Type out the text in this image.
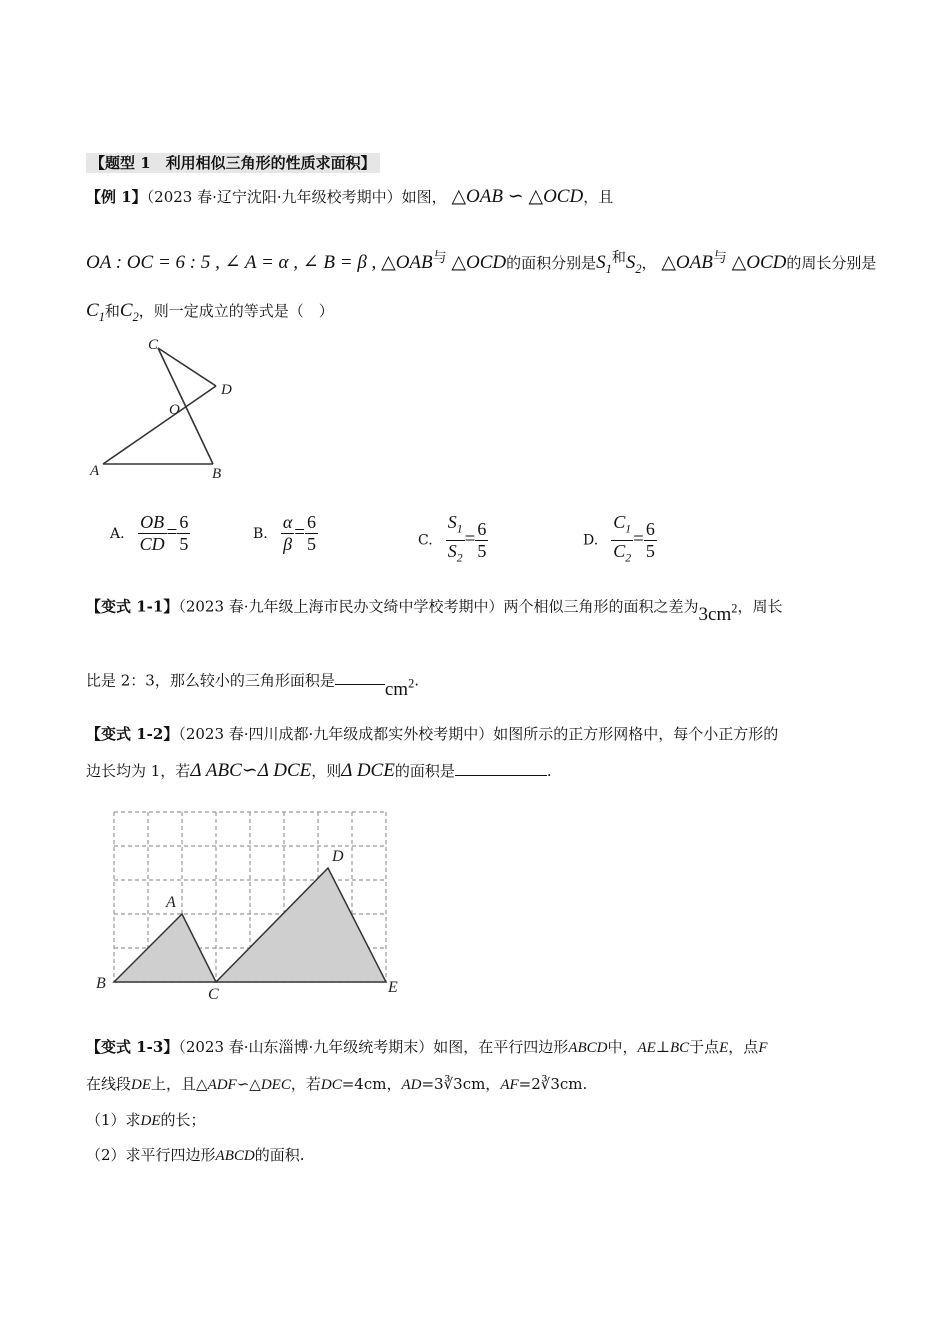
【题型 1　利用相似三角形的性质求面积】
【例 1】（2023 春·辽宁沈阳·九年级校考期中）如图， △OAB ∽ △OCD，且
OA : OC = 6 : 5 , ∠ A = α , ∠ B = β , $\triangle OAB^与$ △OCD的面积分别是$S_1^和S_2$， $\triangle OAB^与$ △OCD的周长分别是
$C_1$和$C_2$，则一定成立的等式是（　）
C
D
O
A	B
A. $\frac{OB}{CD} = \frac{6}{5}$	B. $\frac{\alpha}{\beta} = \frac{6}{5}$	C. $\frac{S_1}{S_2} = \frac{6}{5}$	D. $\frac{C_1}{C_2} = \frac{6}{5}$
【变式 1-1】（2023 春·九年级上海市民办文绮中学校考期中）两个相似三角形的面积之差为$3cm^2$，周长
比是 2：3，那么较小的三角形面积是	$cm^2$.
【变式 1-2】（2023 春·四川成都·九年级成都实外校考期中）如图所示的正方形网格中，每个小正方形的
边长均为 1，若Δ ABC∽Δ DCE，则Δ DCE的面积是	.
A
B
C
D
E
【变式 1-3】（2023 春·山东淄博·九年级统考期末）如图，在平行四边形ABCD中，AE⊥BC于点E，点F
在线段DE上，且△ADF∽△DEC，若DC=4cm，AD=3∛3cm，AF=2∛3cm.
（1）求DE的长；
（2）求平行四边形ABCD的面积.
